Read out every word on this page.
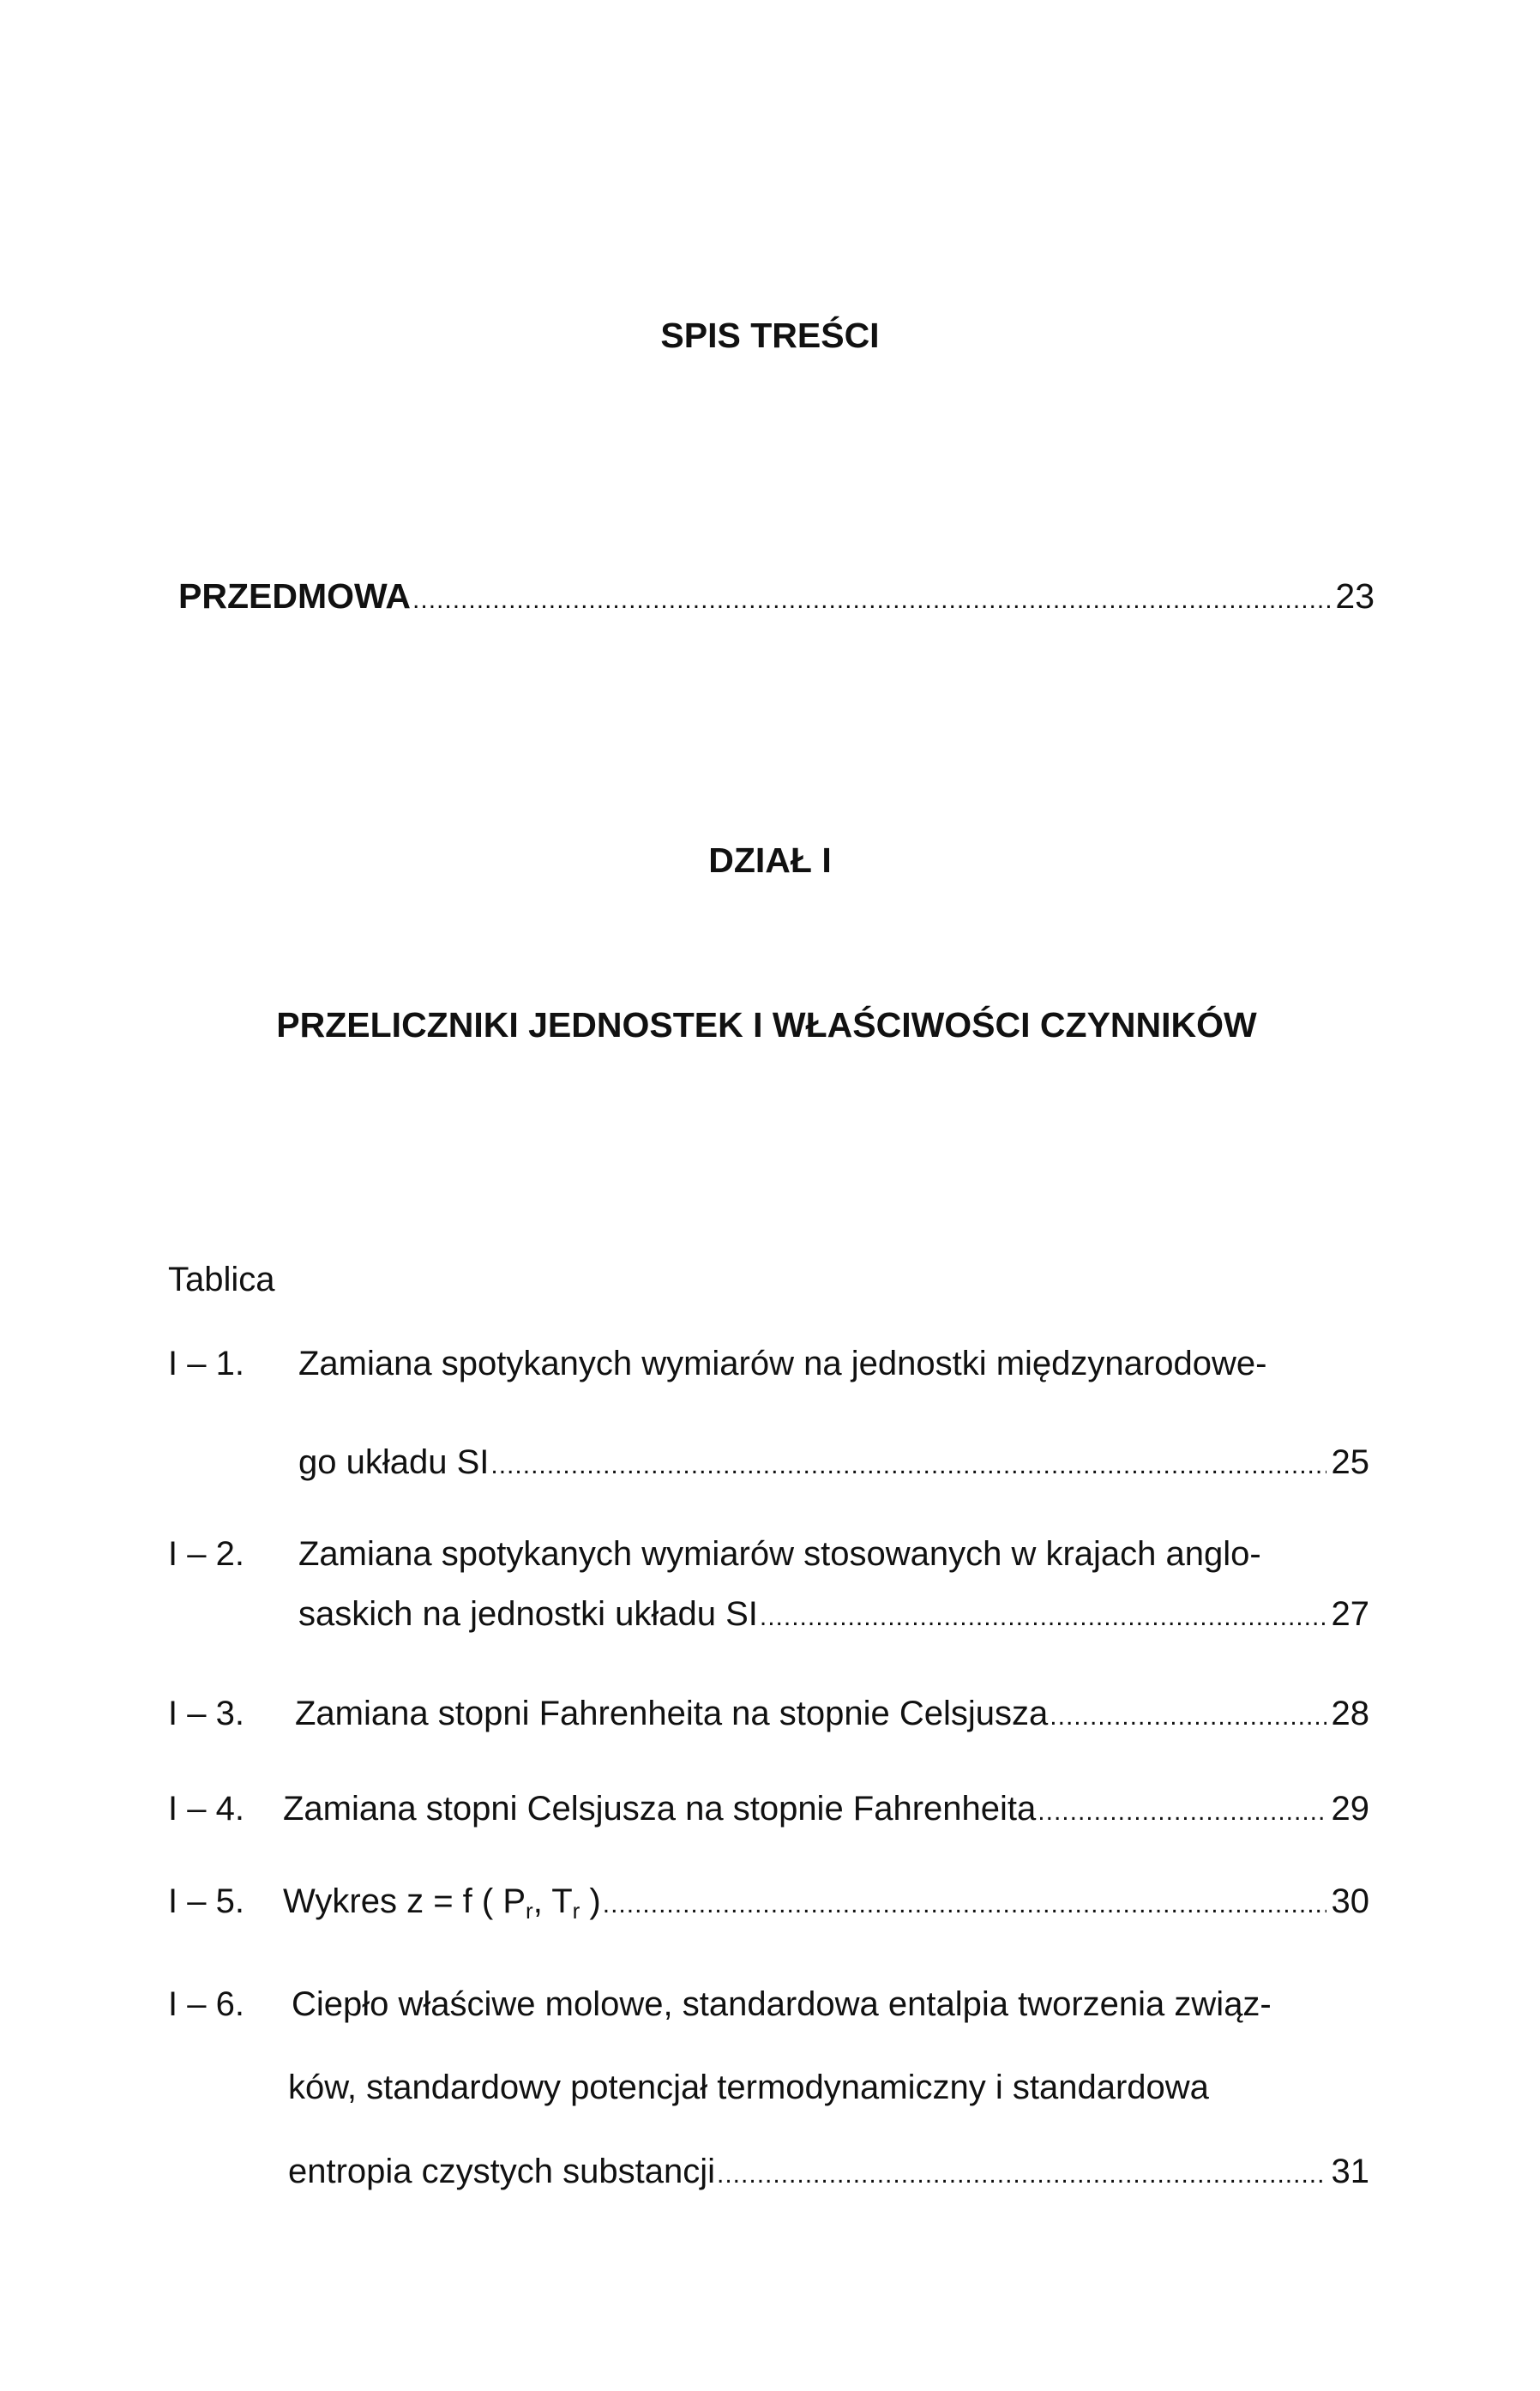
SPIS TREŚCI
PRZEDMOWA .....	23
DZIAŁ I
PRZELICZNIKI JEDNOSTEK I WŁAŚCIWOŚCI CZYNNIKÓW
Tablica
I – 1. Zamiana spotykanych wymiarów na jednostki międzynarodowe-
go układu SI .....	25
I – 2. Zamiana spotykanych wymiarów stosowanych w krajach anglo-
saskich na jednostki układu SI .....	27
I – 3. Zamiana stopni Fahrenheita na stopnie Celsjusza .....	28
I – 4. Zamiana stopni Celsjusza na stopnie Fahrenheita .....	29
I – 5. Wykres z = f ( $P_r$, $T_r$ ) .....	30
I – 6. Ciepło właściwe molowe, standardowa entalpia tworzenia związ-
ków, standardowy potencjał termodynamiczny i standardowa
entropia czystych substancji .....	31
